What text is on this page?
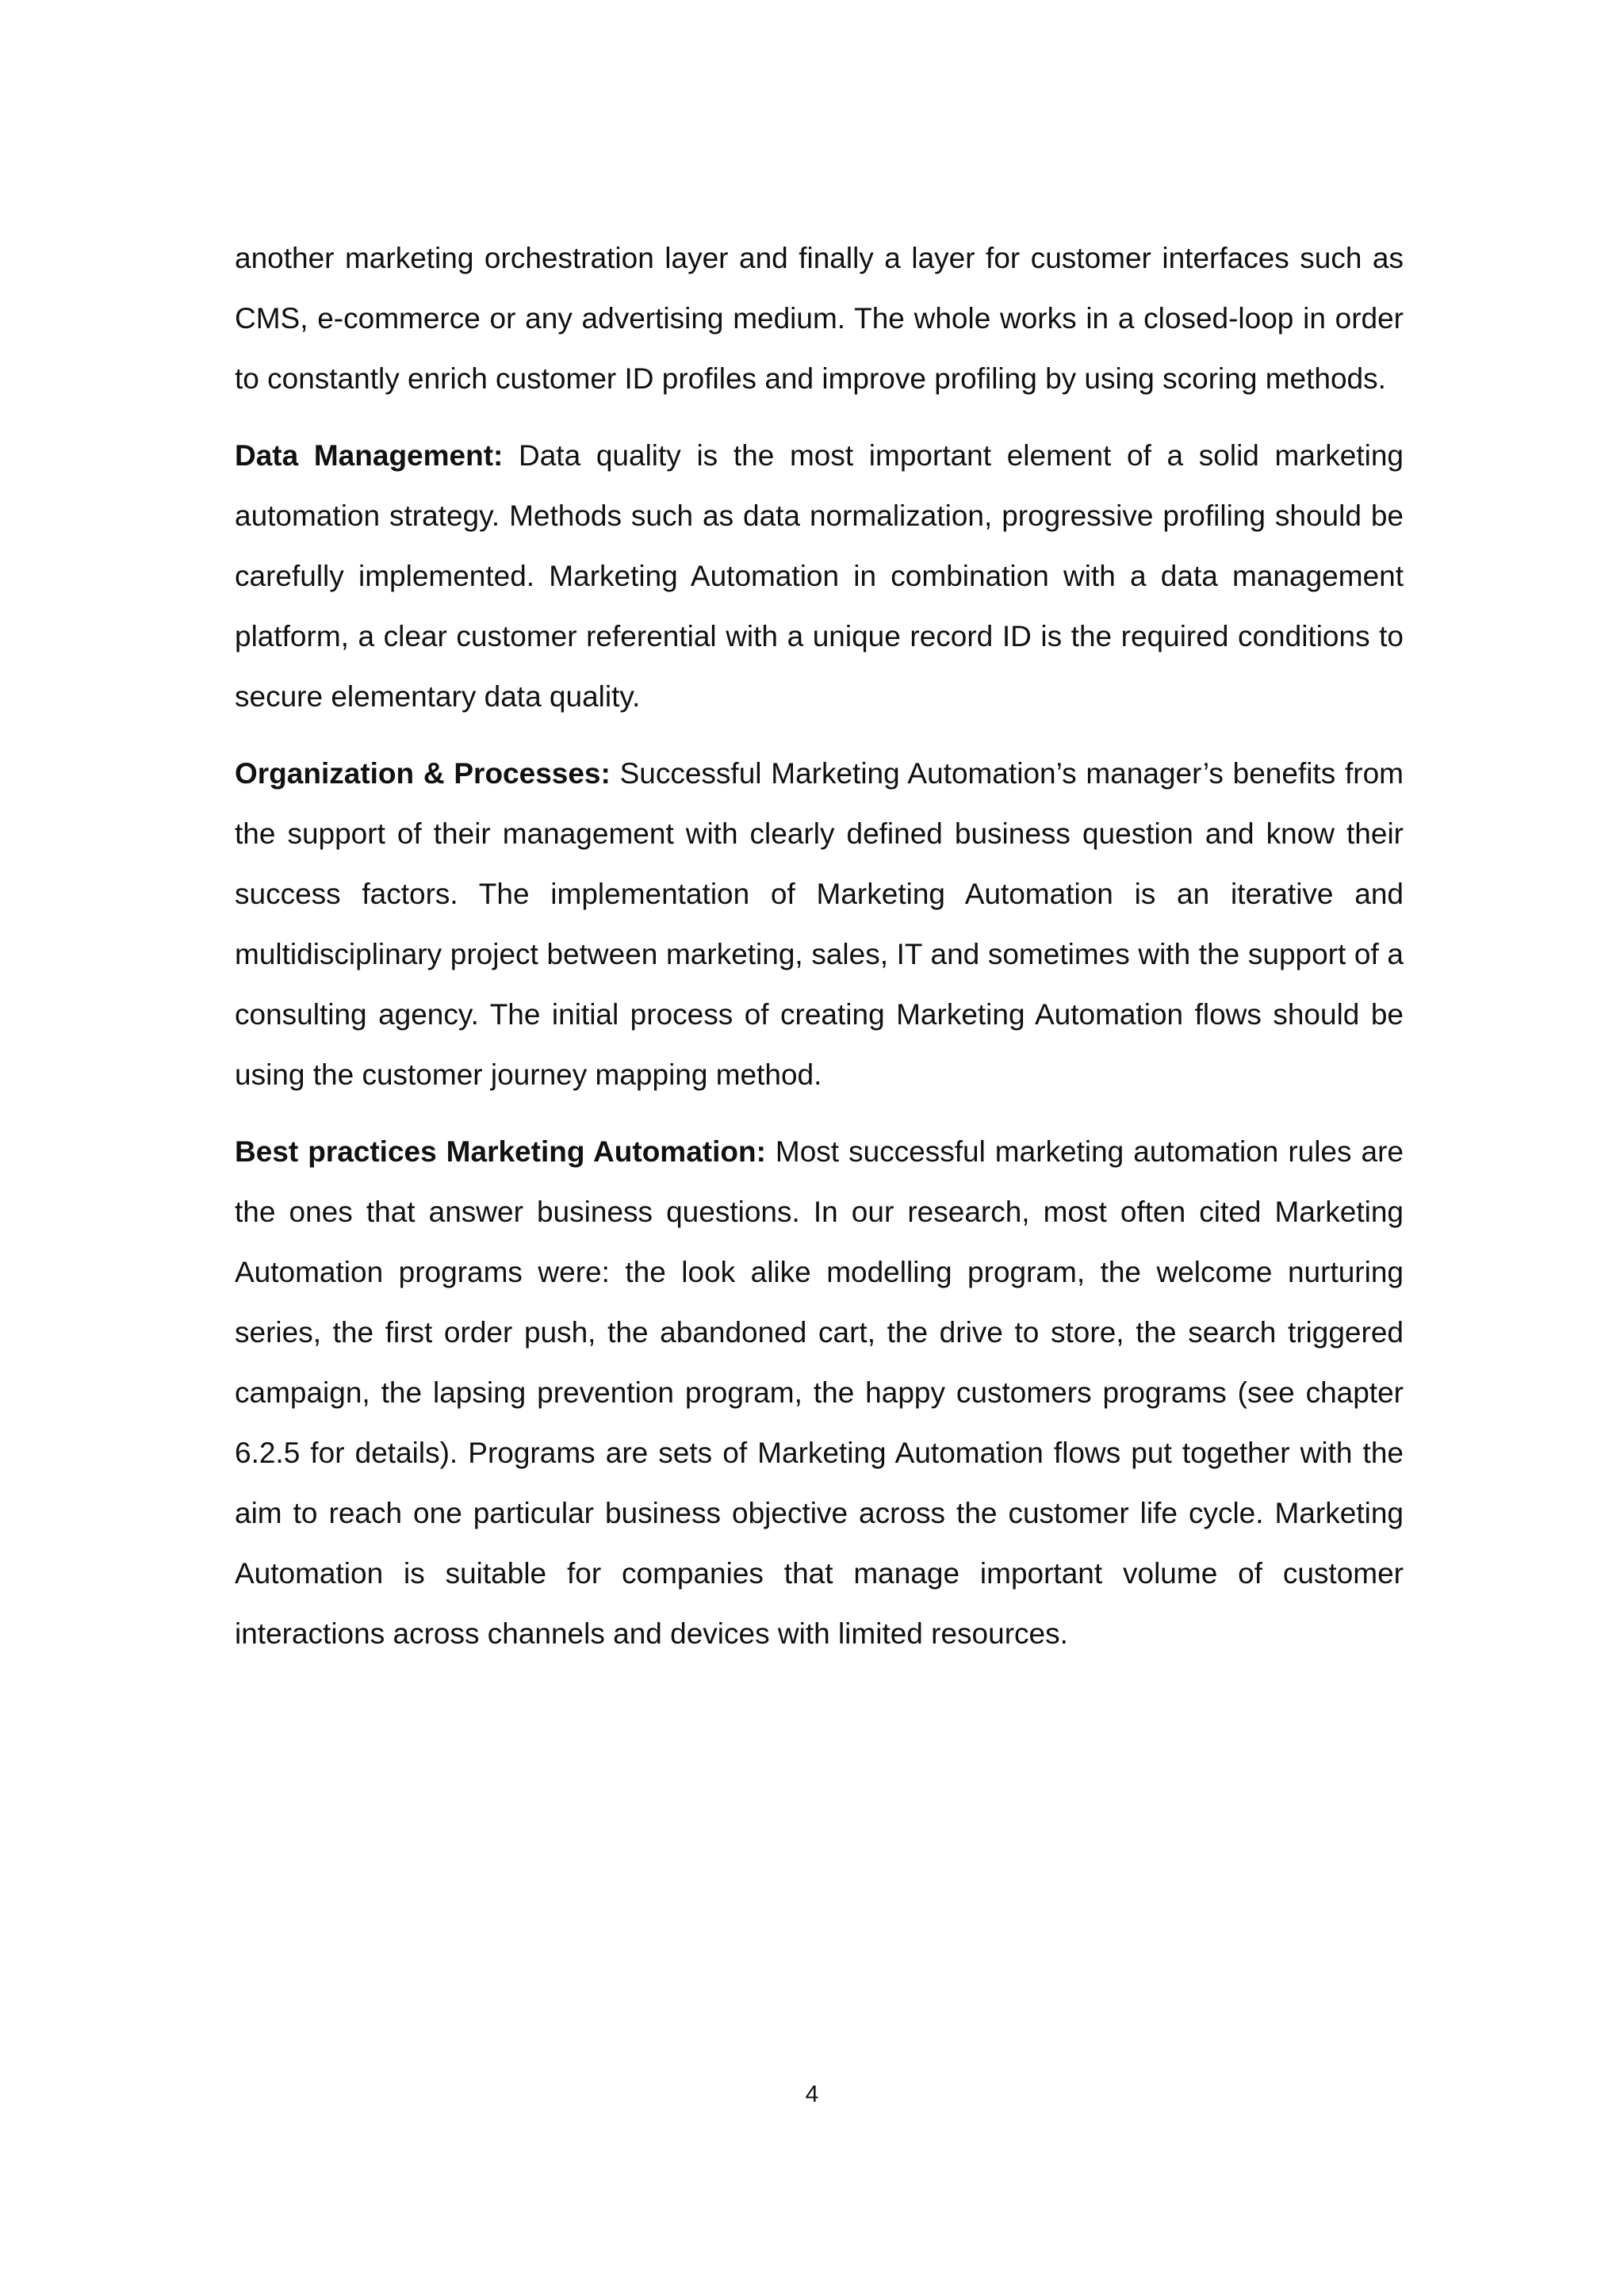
another marketing orchestration layer and finally a layer for customer interfaces such as CMS, e-commerce or any advertising medium. The whole works in a closed-loop in order to constantly enrich customer ID profiles and improve profiling by using scoring methods.

Data Management: Data quality is the most important element of a solid marketing automation strategy. Methods such as data normalization, progressive profiling should be carefully implemented. Marketing Automation in combination with a data management platform, a clear customer referential with a unique record ID is the required conditions to secure elementary data quality.

Organization & Processes: Successful Marketing Automation’s manager’s benefits from the support of their management with clearly defined business question and know their success factors. The implementation of Marketing Automation is an iterative and multidisciplinary project between marketing, sales, IT and sometimes with the support of a consulting agency. The initial process of creating Marketing Automation flows should be using the customer journey mapping method.

Best practices Marketing Automation: Most successful marketing automation rules are the ones that answer business questions. In our research, most often cited Marketing Automation programs were: the look alike modelling program, the welcome nurturing series, the first order push, the abandoned cart, the drive to store, the search triggered campaign, the lapsing prevention program, the happy customers programs (see chapter 6.2.5 for details). Programs are sets of Marketing Automation flows put together with the aim to reach one particular business objective across the customer life cycle. Marketing Automation is suitable for companies that manage important volume of customer interactions across channels and devices with limited resources.

4
